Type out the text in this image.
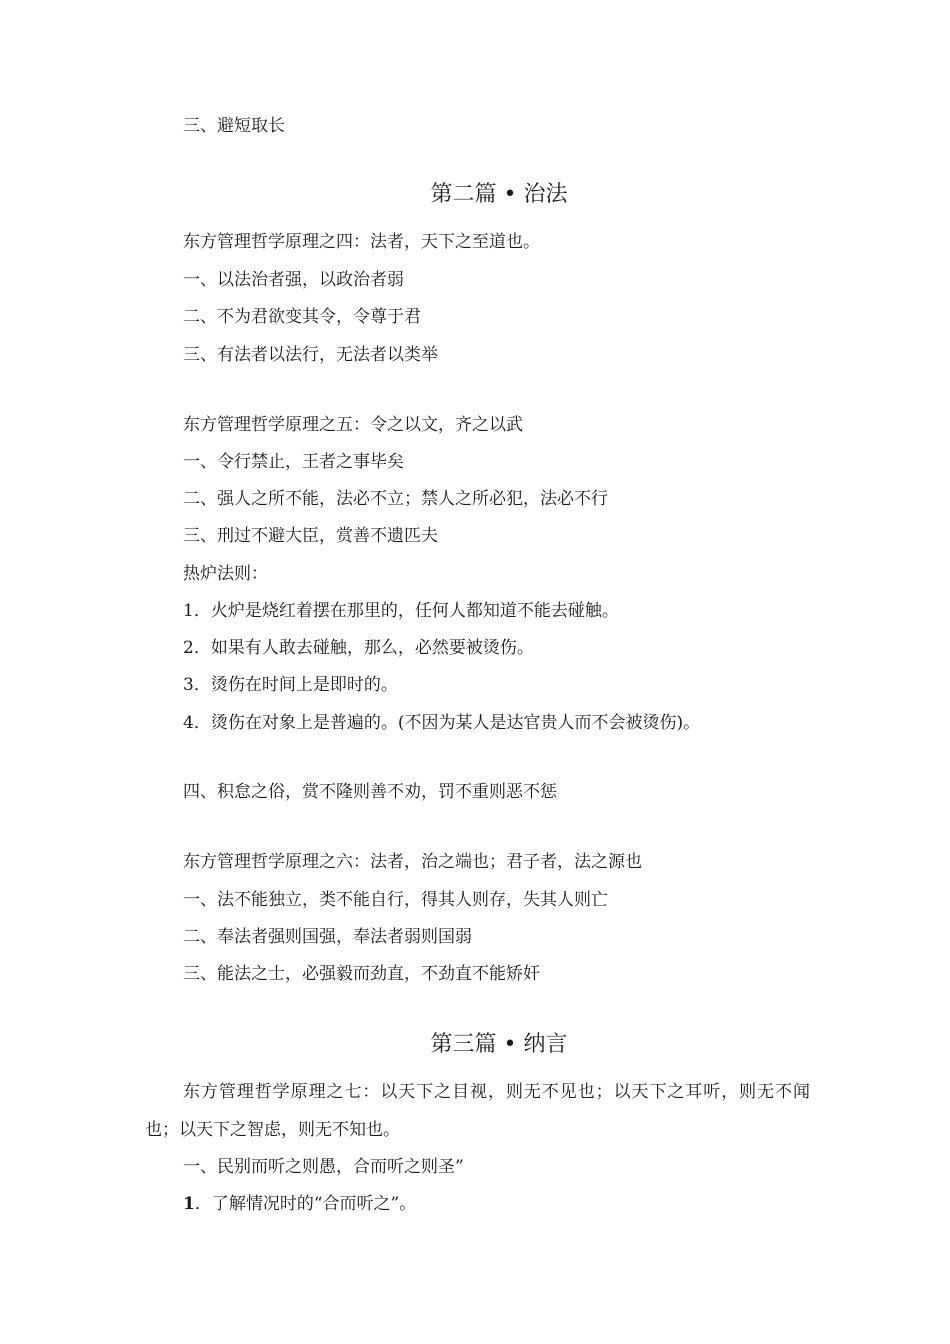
三、避短取长
第二篇 • 治法
东方管理哲学原理之四：法者，天下之至道也。
一、以法治者强，以政治者弱
二、不为君欲变其令，令尊于君
三、有法者以法行，无法者以类举
东方管理哲学原理之五：令之以文，齐之以武
一、令行禁止，王者之事毕矣
二、强人之所不能，法必不立；禁人之所必犯，法必不行
三、刑过不避大臣，赏善不遗匹夫
热炉法则：
1．火炉是烧红着摆在那里的，任何人都知道不能去碰触。
2．如果有人敢去碰触，那么，必然要被烫伤。
3．烫伤在时间上是即时的。
4．烫伤在对象上是普遍的。(不因为某人是达官贵人而不会被烫伤)。
四、积怠之俗，赏不隆则善不劝，罚不重则恶不惩
东方管理哲学原理之六：法者，治之端也；君子者，法之源也
一、法不能独立，类不能自行，得其人则存，失其人则亡
二、奉法者强则国强，奉法者弱则国弱
三、能法之士，必强毅而劲直，不劲直不能矫奸
第三篇 • 纳言
东方管理哲学原理之七：以天下之目视，则无不见也；以天下之耳听，则无不闻也；以天下之智虑，则无不知也。
一、民别而听之则愚，合而听之则圣”
1．了解情况时的“合而听之”。
